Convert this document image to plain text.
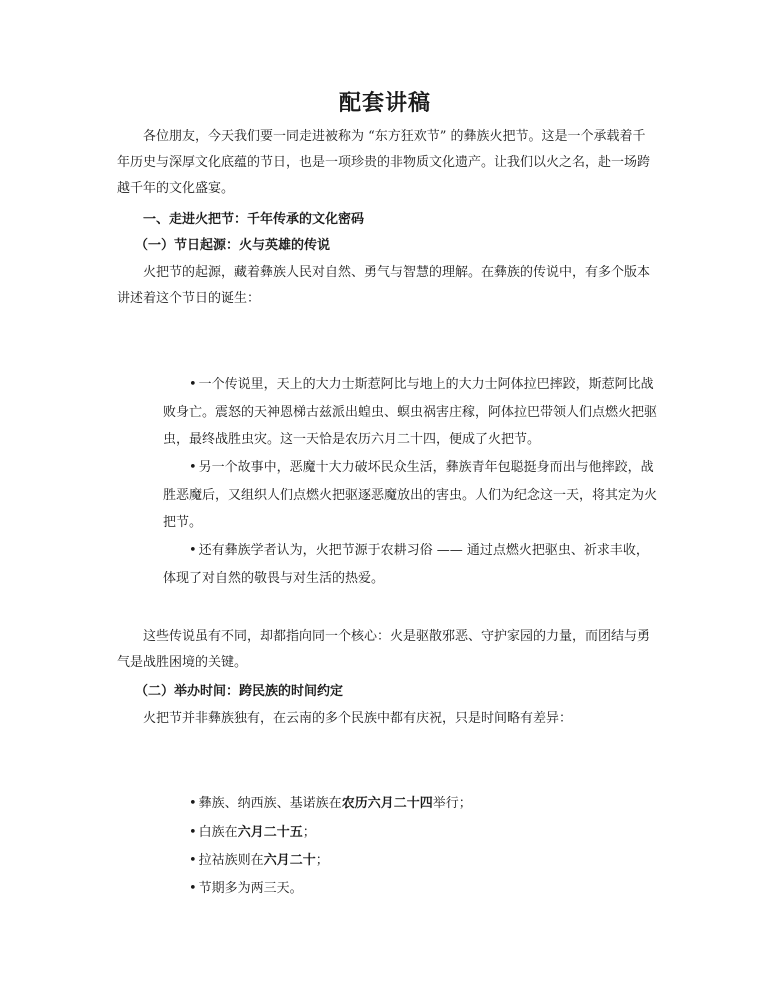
配套讲稿

各位朋友，今天我们要一同走进被称为 “东方狂欢节” 的彝族火把节。这是一个承载着千年历史与深厚文化底蕴的节日，也是一项珍贵的非物质文化遗产。让我们以火之名，赴一场跨越千年的文化盛宴。

一、走进火把节：千年传承的文化密码
（一）节日起源：火与英雄的传说

火把节的起源，藏着彝族人民对自然、勇气与智慧的理解。在彝族的传说中，有多个版本讲述着这个节日的诞生：

• 一个传说里，天上的大力士斯惹阿比与地上的大力士阿体拉巴摔跤，斯惹阿比战败身亡。震怒的天神恩梯古兹派出蝗虫、螟虫祸害庄稼，阿体拉巴带领人们点燃火把驱虫，最终战胜虫灾。这一天恰是农历六月二十四，便成了火把节。

• 另一个故事中，恶魔十大力破坏民众生活，彝族青年包聪挺身而出与他摔跤，战胜恶魔后，又组织人们点燃火把驱逐恶魔放出的害虫。人们为纪念这一天，将其定为火把节。

• 还有彝族学者认为，火把节源于农耕习俗 —— 通过点燃火把驱虫、祈求丰收，体现了对自然的敬畏与对生活的热爱。

这些传说虽有不同，却都指向同一个核心：火是驱散邪恶、守护家园的力量，而团结与勇气是战胜困境的关键。

（二）举办时间：跨民族的时间约定

火把节并非彝族独有，在云南的多个民族中都有庆祝，只是时间略有差异：

• 彝族、纳西族、基诺族在农历六月二十四举行；

• 白族在六月二十五；

• 拉祜族则在六月二十；

• 节期多为两三天。
